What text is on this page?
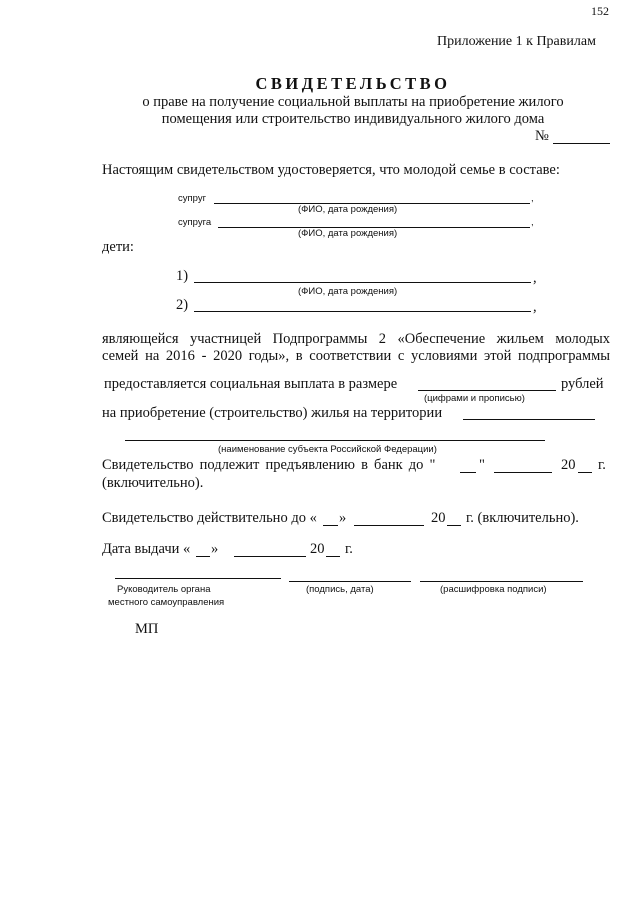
152
Приложение 1 к Правилам
СВИДЕТЕЛЬСТВО
о праве на получение социальной выплаты на приобретение жилого
помещения или строительство индивидуального жилого дома
№
Настоящим свидетельством удостоверяется, что молодой семье в составе:
супруг	,
(ФИО, дата рождения)
супруга	,
(ФИО, дата рождения)
дети:
1)	,
(ФИО, дата рождения)
2)	,
являющейся участницей Подпрограммы 2 «Обеспечение жильем молодых
семей на 2016 - 2020 годы», в соответствии с условиями этой подпрограммы
предоставляется социальная выплата в размере	рублей
(цифрами и прописью)
на приобретение (строительство) жилья на территории
(наименование субъекта Российской Федерации)
Свидетельство подлежит предъявлению в банк до "	"	20 г.
(включительно).
Свидетельство действительно до « »	20 г. (включительно).
Дата выдачи « »	20 г.
Руководитель органа
местного самоуправления
(подпись, дата)	(расшифровка подписи)
МП
